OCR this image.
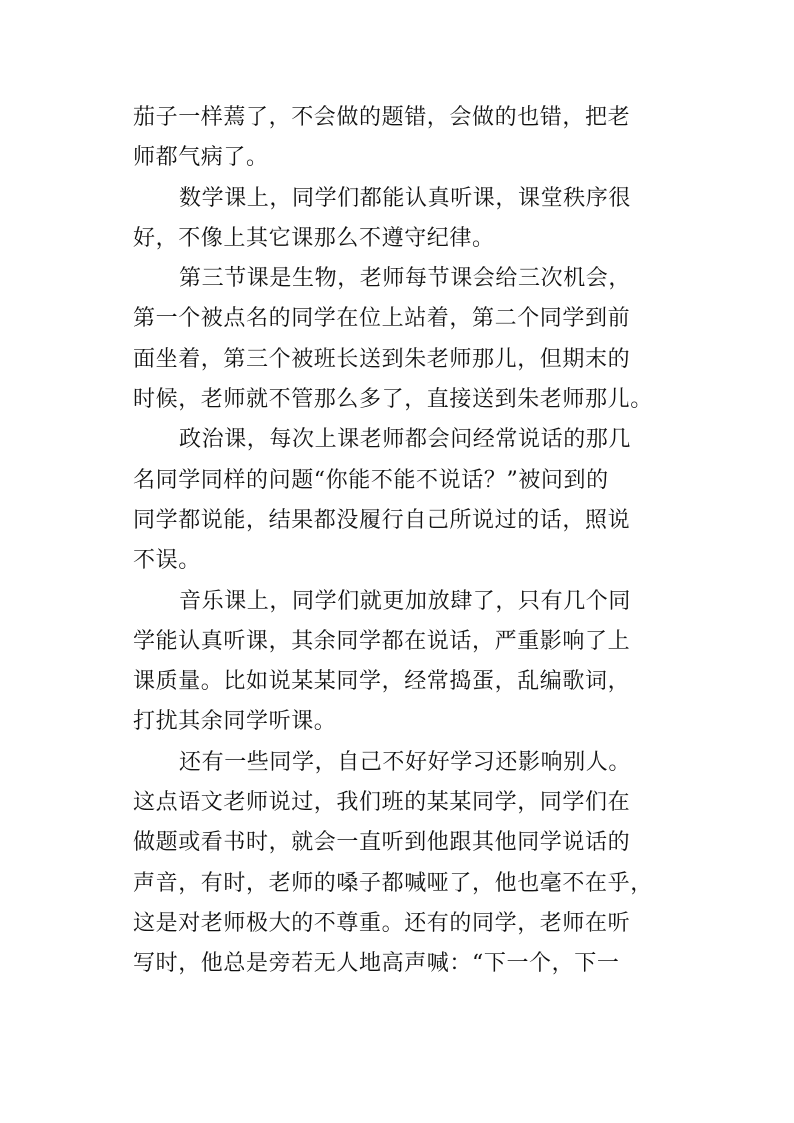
茄子一样蔫了，不会做的题错，会做的也错，把老
师都气病了。
数学课上，同学们都能认真听课，课堂秩序很
好，不像上其它课那么不遵守纪律。
第三节课是生物，老师每节课会给三次机会，
第一个被点名的同学在位上站着，第二个同学到前
面坐着，第三个被班长送到朱老师那儿，但期末的
时候，老师就不管那么多了，直接送到朱老师那儿。
政治课，每次上课老师都会问经常说话的那几
名同学同样的问题“你能不能不说话？”被问到的
同学都说能，结果都没履行自己所说过的话，照说
不误。
音乐课上，同学们就更加放肆了，只有几个同
学能认真听课，其余同学都在说话，严重影响了上
课质量。比如说某某同学，经常捣蛋，乱编歌词，
打扰其余同学听课。
还有一些同学，自己不好好学习还影响别人。
这点语文老师说过，我们班的某某同学，同学们在
做题或看书时，就会一直听到他跟其他同学说话的
声音，有时，老师的嗓子都喊哑了，他也毫不在乎，
这是对老师极大的不尊重。还有的同学，老师在听
写时，他总是旁若无人地高声喊：“下一个，下一
